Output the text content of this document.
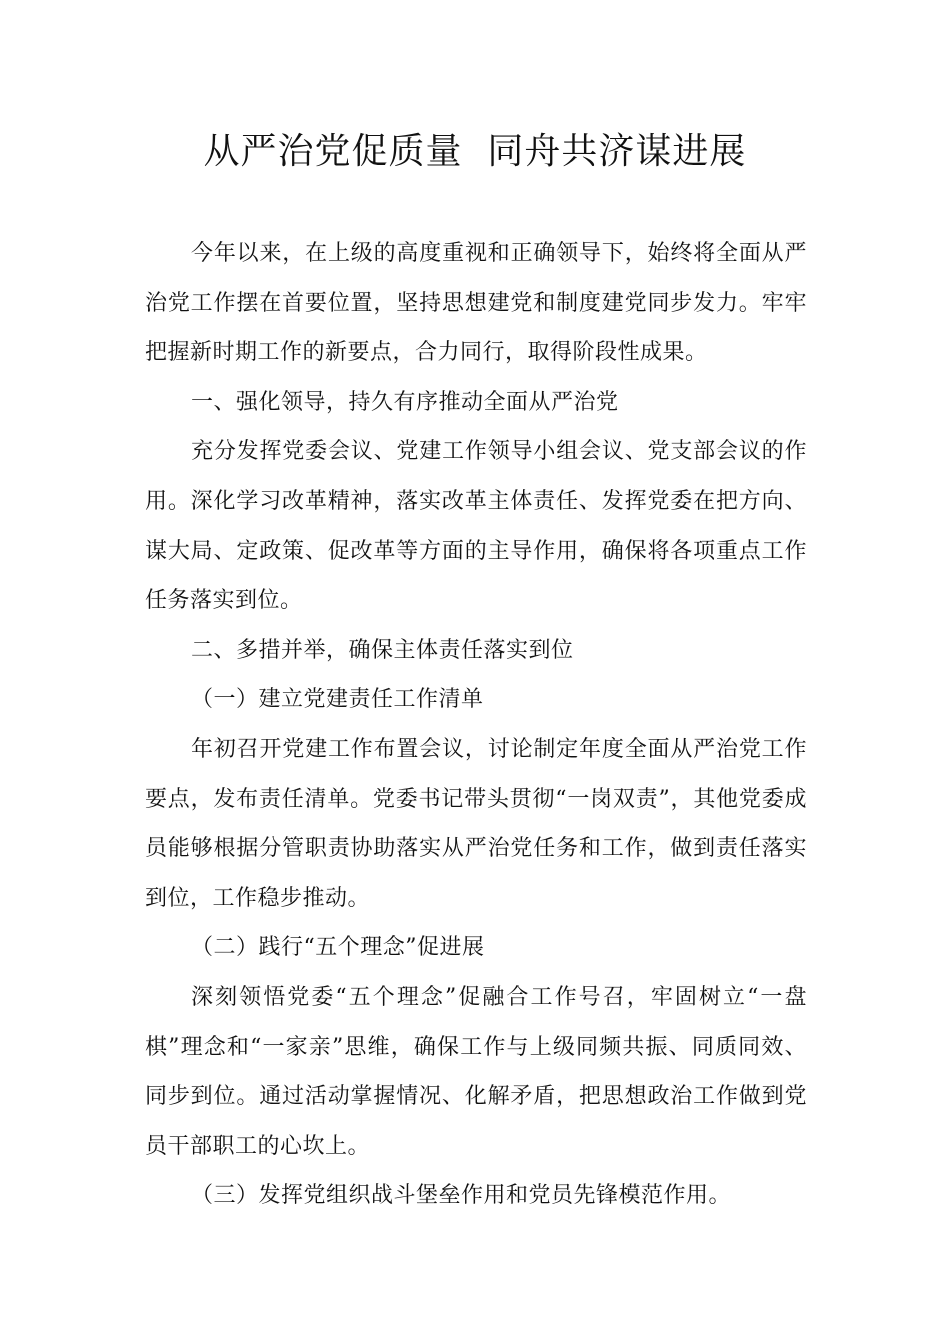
从严治党促质量  同舟共济谋进展

今年以来，在上级的高度重视和正确领导下，始终将全面从严治党工作摆在首要位置，坚持思想建党和制度建党同步发力。牢牢把握新时期工作的新要点，合力同行，取得阶段性成果。

一、强化领导，持久有序推动全面从严治党

充分发挥党委会议、党建工作领导小组会议、党支部会议的作用。深化学习改革精神，落实改革主体责任、发挥党委在把方向、谋大局、定政策、促改革等方面的主导作用，确保将各项重点工作任务落实到位。

二、多措并举，确保主体责任落实到位

（一）建立党建责任工作清单

年初召开党建工作布置会议，讨论制定年度全面从严治党工作要点，发布责任清单。党委书记带头贯彻“一岗双责”，其他党委成员能够根据分管职责协助落实从严治党任务和工作，做到责任落实到位，工作稳步推动。

（二）践行“五个理念”促进展

深刻领悟党委“五个理念”促融合工作号召，牢固树立“一盘棋”理念和“一家亲”思维，确保工作与上级同频共振、同质同效、同步到位。通过活动掌握情况、化解矛盾，把思想政治工作做到党员干部职工的心坎上。

（三）发挥党组织战斗堡垒作用和党员先锋模范作用。
